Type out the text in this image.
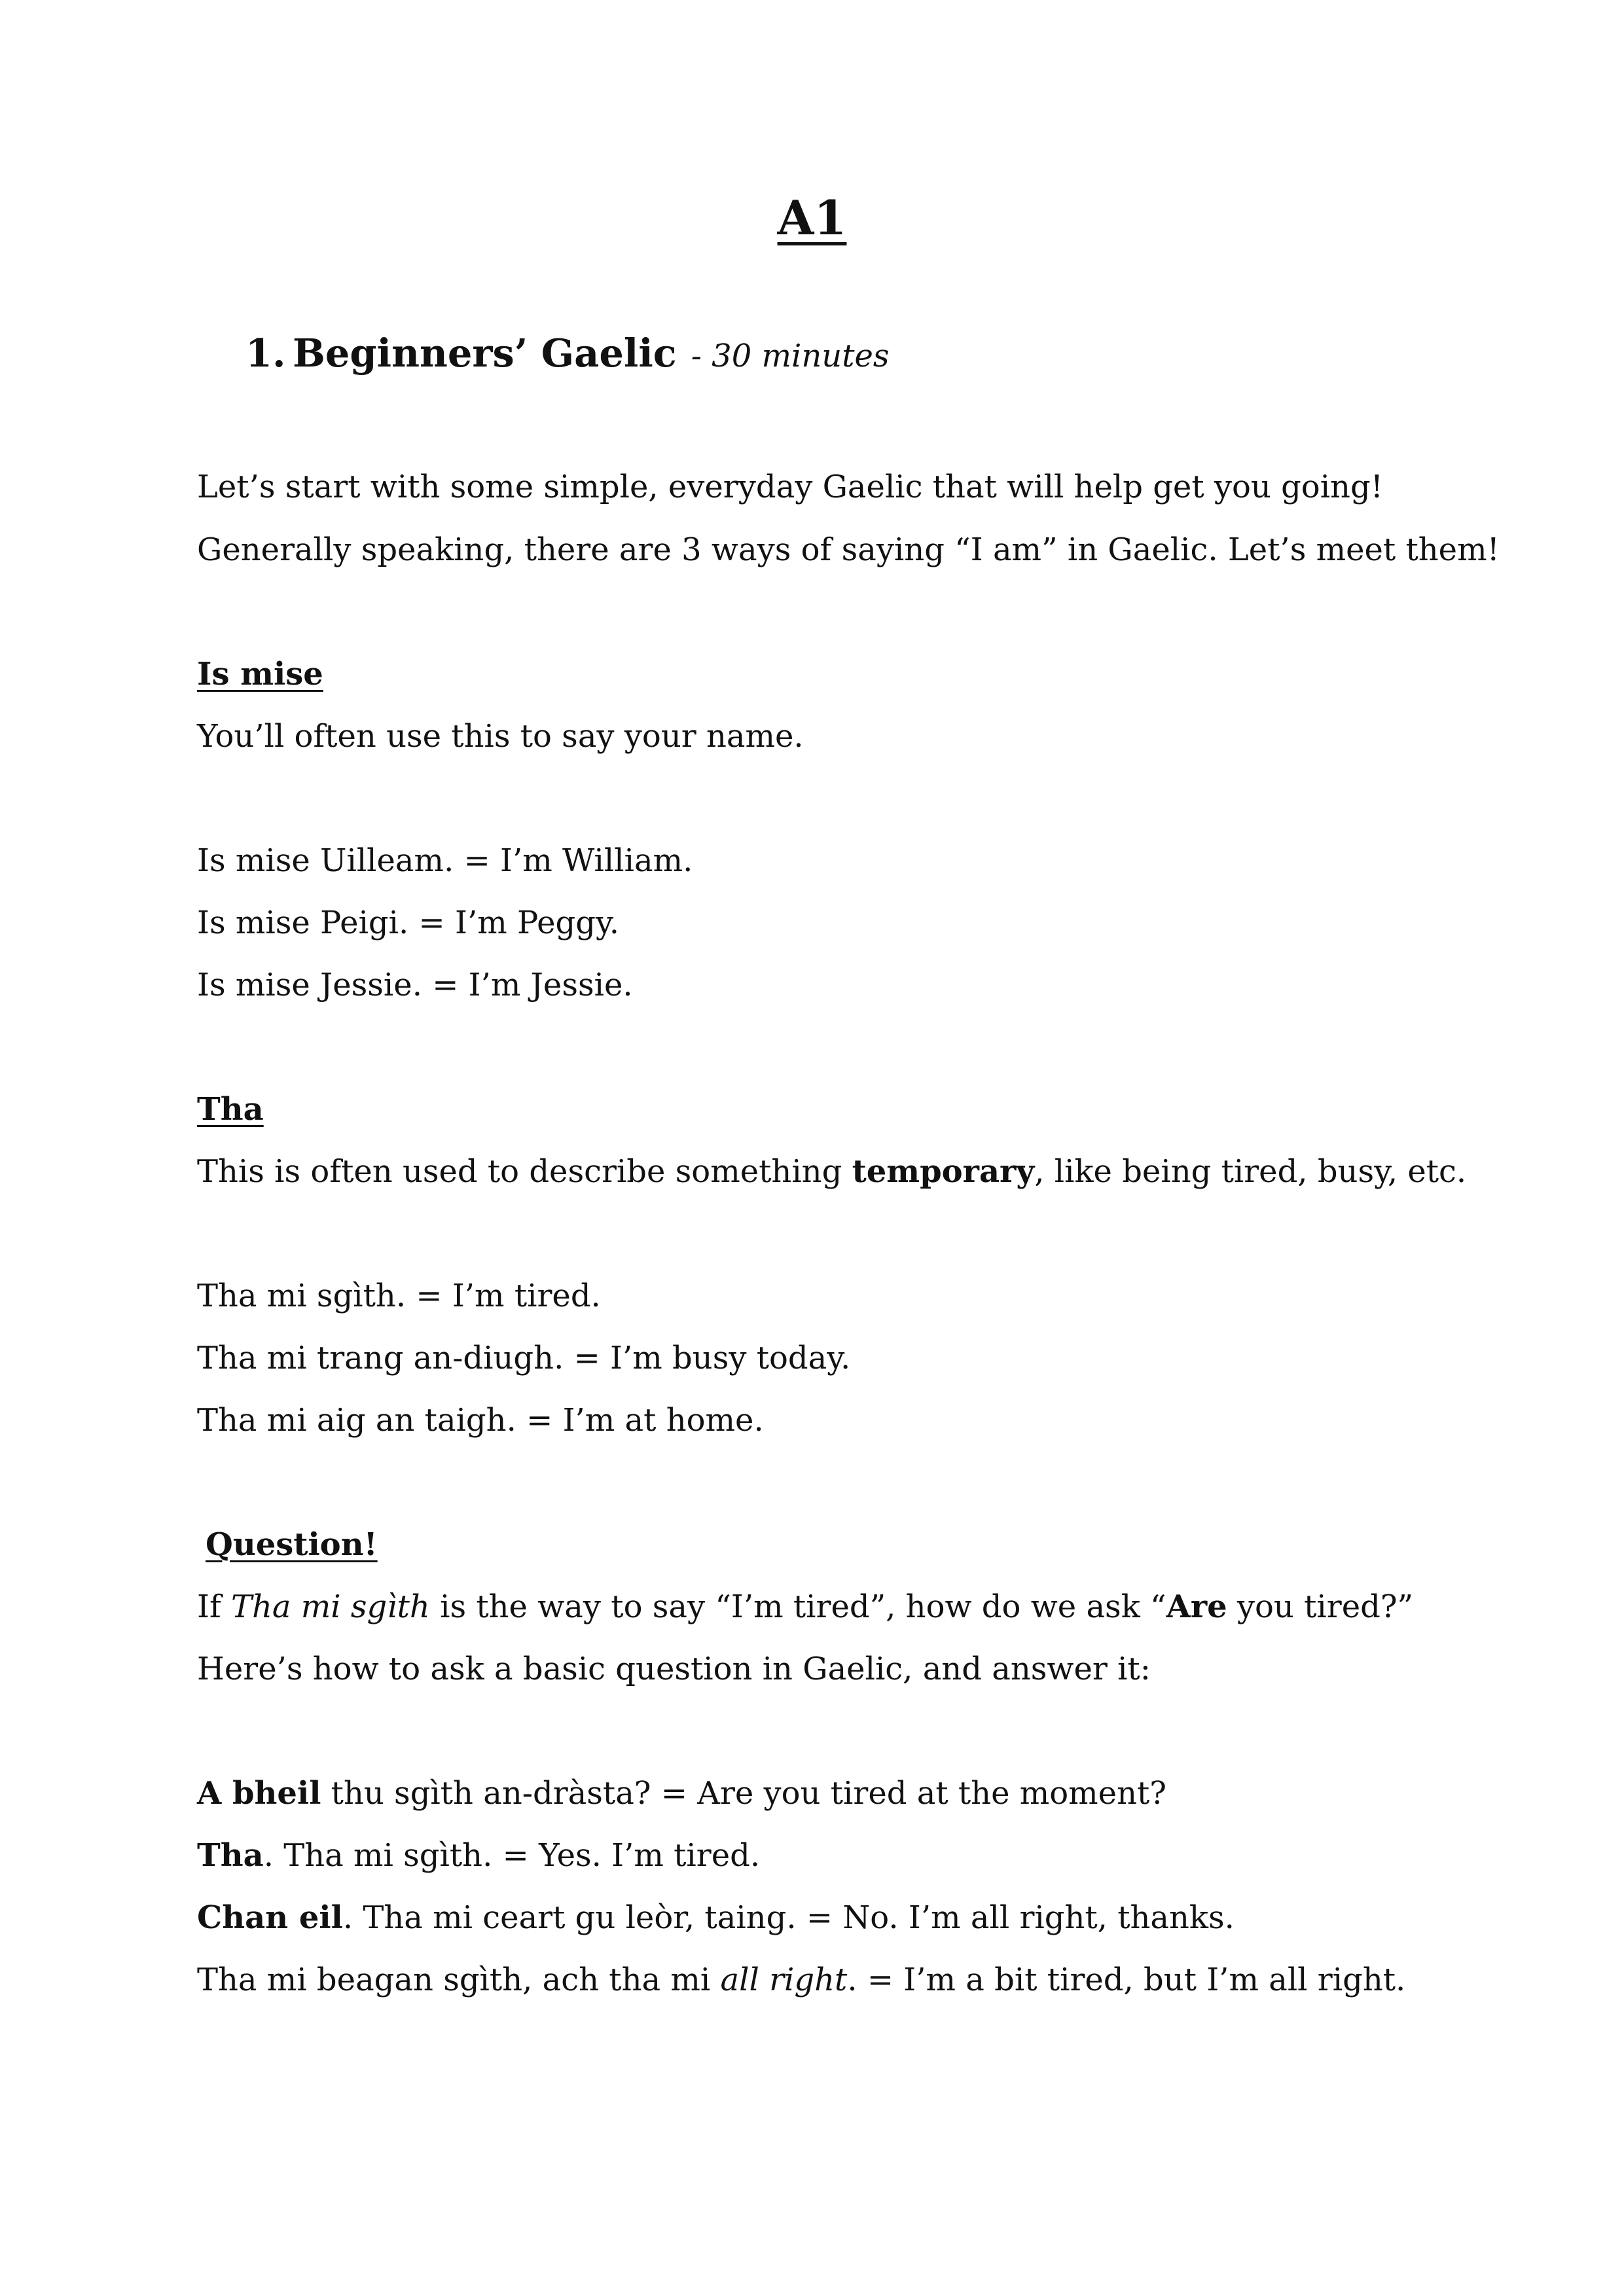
A1
1. Beginners’ Gaelic - 30 minutes
Let’s start with some simple, everyday Gaelic that will help get you going!
Generally speaking, there are 3 ways of saying “I am” in Gaelic. Let’s meet them!
Is mise
You’ll often use this to say your name.
Is mise Uilleam. = I’m William.
Is mise Peigi. = I’m Peggy.
Is mise Jessie. = I’m Jessie.
Tha
This is often used to describe something temporary, like being tired, busy, etc.
Tha mi sgìth. = I’m tired.
Tha mi trang an-diugh. = I’m busy today.
Tha mi aig an taigh. = I’m at home.
Question!
If Tha mi sgìth is the way to say “I’m tired”, how do we ask “Are you tired?”
Here’s how to ask a basic question in Gaelic, and answer it:
A bheil thu sgìth an-dràsta? = Are you tired at the moment?
Tha. Tha mi sgìth. = Yes. I’m tired.
Chan eil. Tha mi ceart gu leòr, taing. = No. I’m all right, thanks.
Tha mi beagan sgìth, ach tha mi all right. = I’m a bit tired, but I’m all right.
